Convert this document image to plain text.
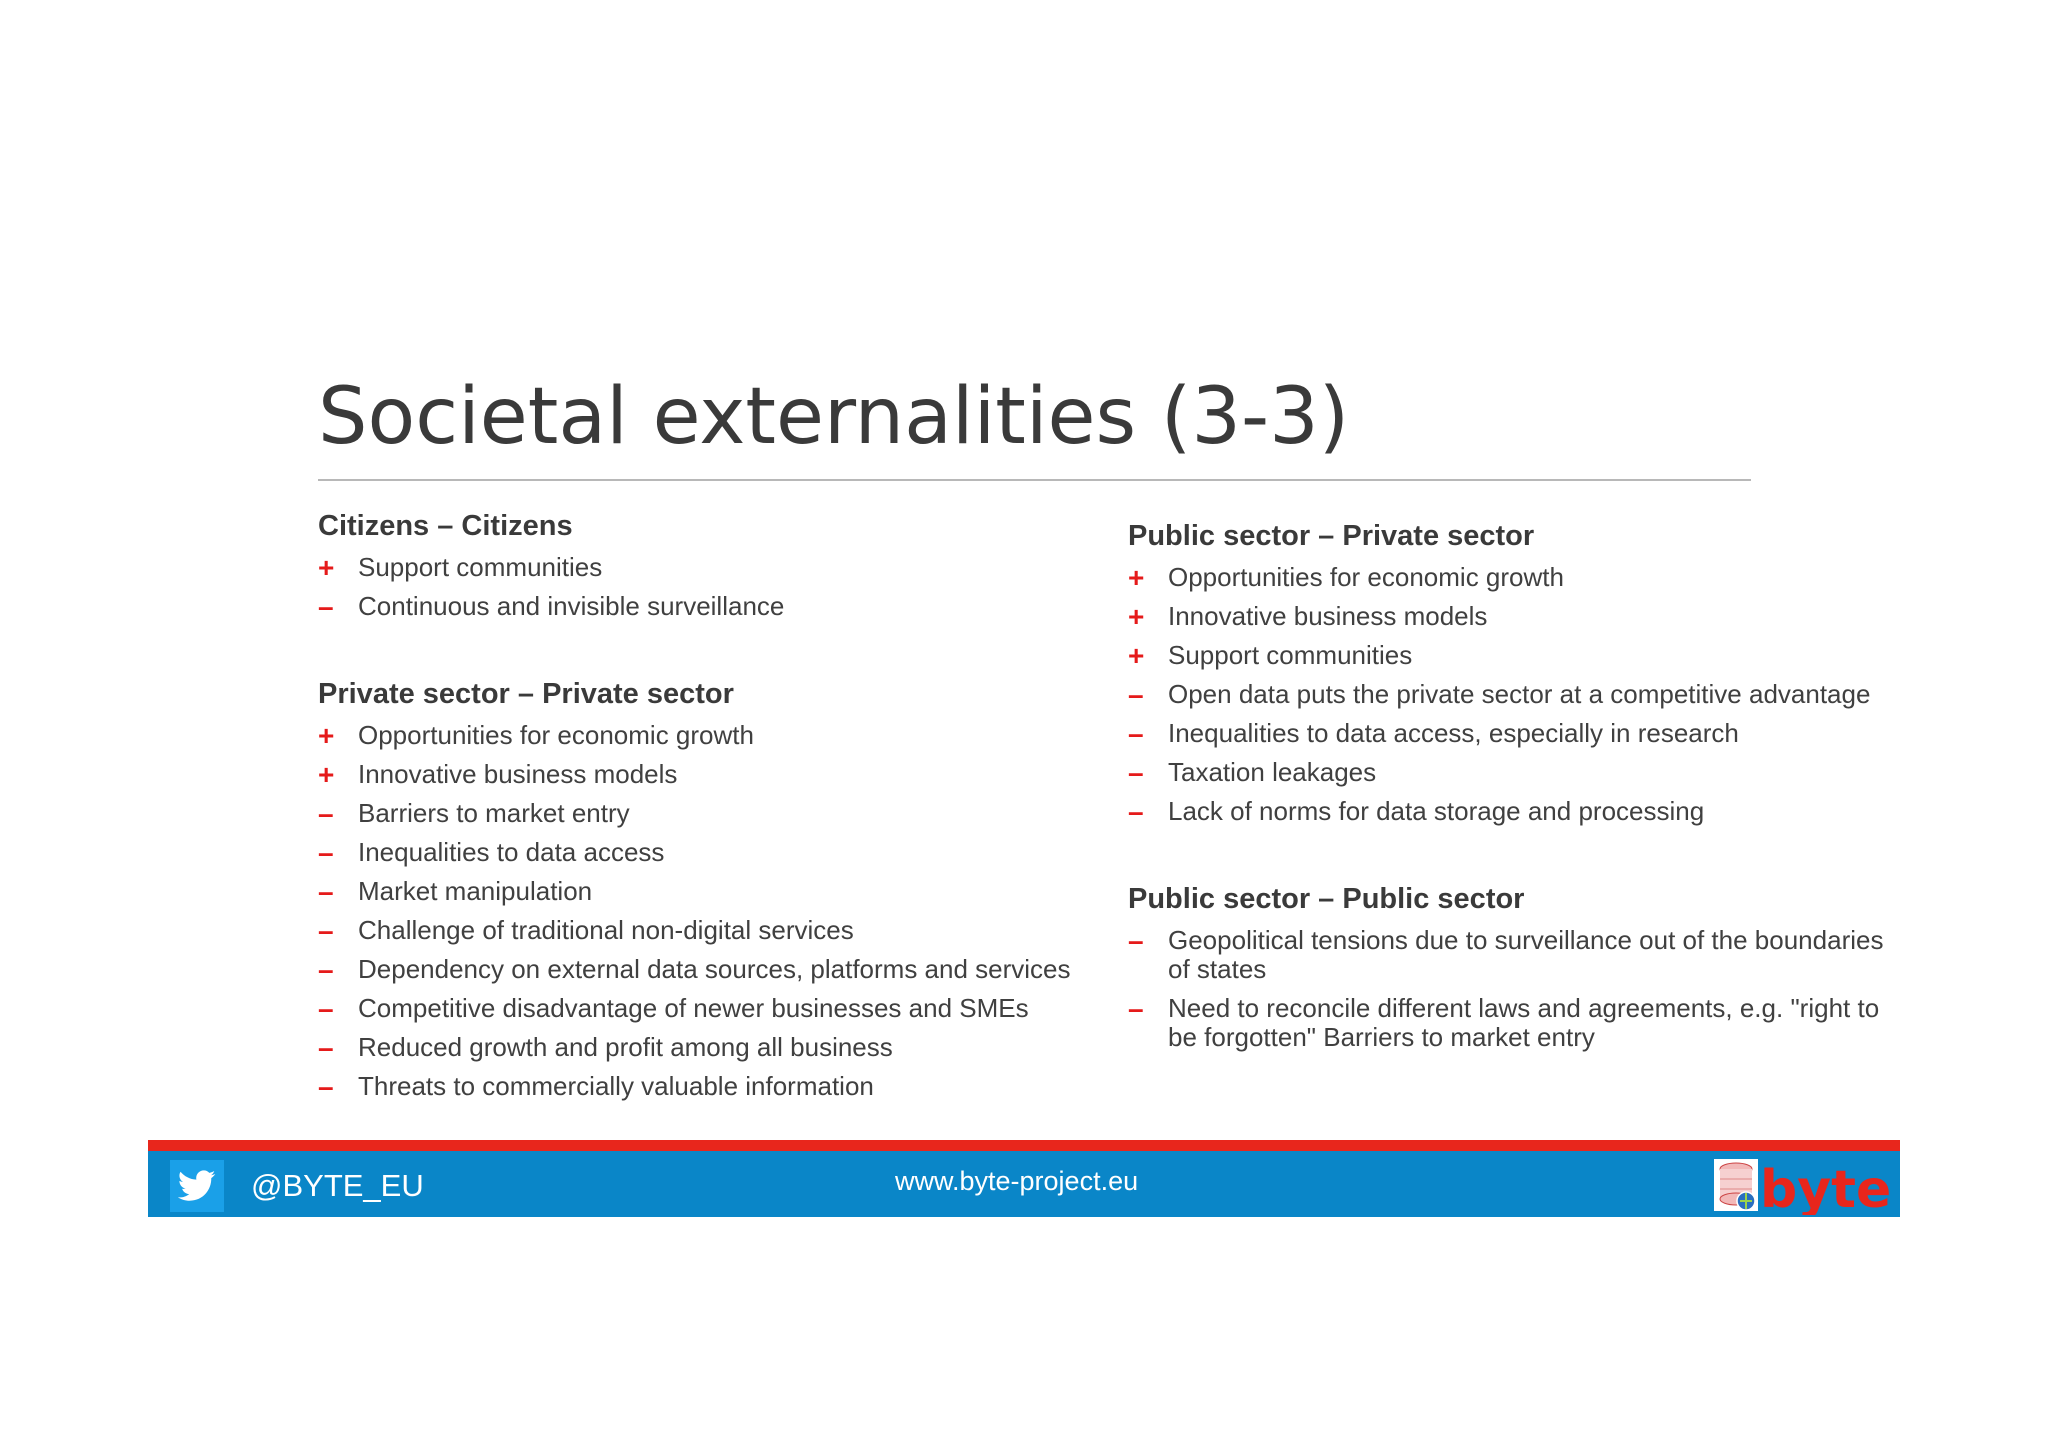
Societal externalities (3-3)
Citizens – Citizens
+ Support communities
– Continuous and invisible surveillance
Private sector – Private sector
+ Opportunities for economic growth
+ Innovative business models
– Barriers to market entry
– Inequalities to data access
– Market manipulation
– Challenge of traditional non-digital services
– Dependency on external data sources, platforms and services
– Competitive disadvantage of newer businesses and SMEs
– Reduced growth and profit among all business
– Threats to commercially valuable information
Public sector – Private sector
+ Opportunities for economic growth
+ Innovative business models
+ Support communities
– Open data puts the private sector at a competitive advantage
– Inequalities to data access, especially in research
– Taxation leakages
– Lack of norms for data storage and processing
Public sector – Public sector
– Geopolitical tensions due to surveillance out of the boundaries of states
– Need to reconcile different laws and agreements, e.g. "right to be forgotten" Barriers to market entry
@BYTE_EU	www.byte-project.eu	byte
